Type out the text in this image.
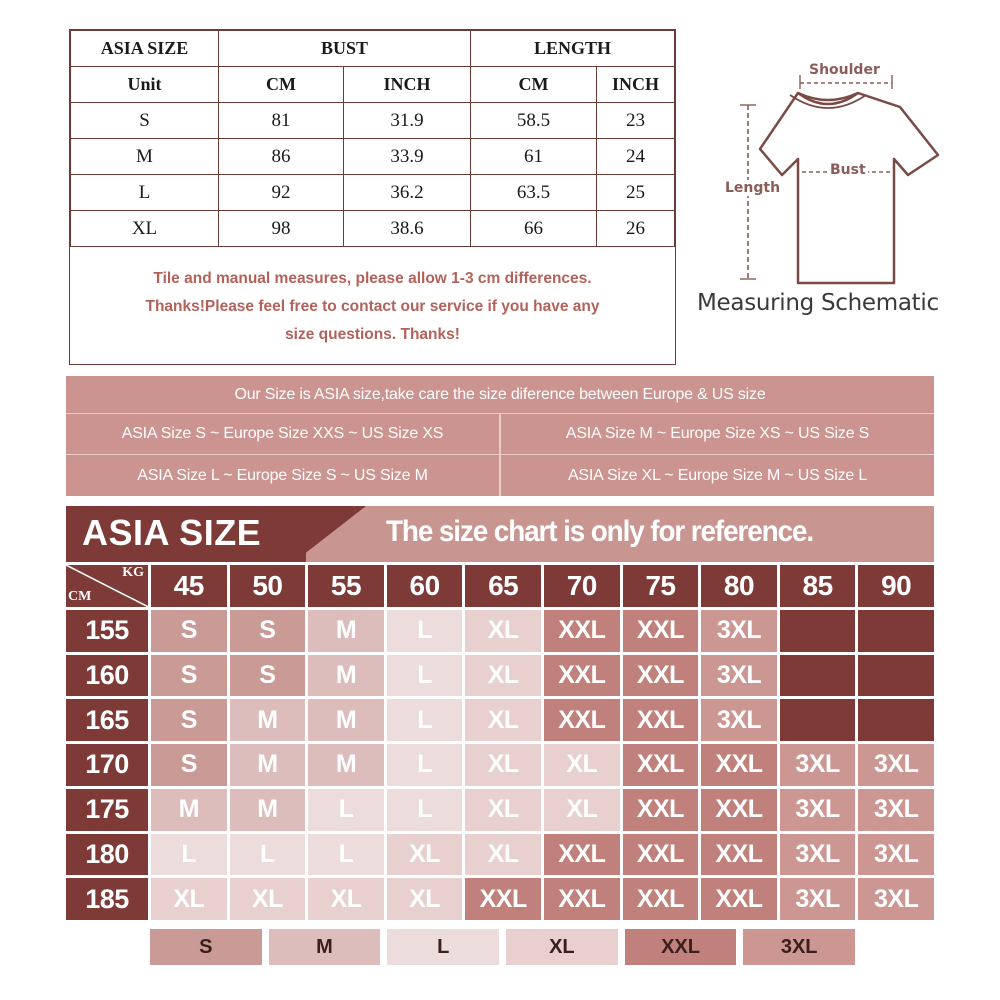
ASIA SIZE	BUST		LENGTH	
Unit	CM	INCH	CM	INCH
S	81	31.9	58.5	23
M	86	33.9	61	24
L	92	36.2	63.5	25
XL	98	38.6	66	26
Tile and manual measures, please allow 1-3 cm differences.
Thanks!Please feel free to contact our service if you have any
size questions. Thanks!
Shoulder
Bust
Length
Measuring Schematic
Our Size is ASIA size,take care the size diference between Europe & US size
ASIA Size S ~ Europe Size XXS ~ US Size XS	ASIA Size M ~ Europe Size XS ~ US Size S
ASIA Size L ~ Europe Size S ~ US Size M	ASIA Size XL ~ Europe Size M ~ US Size L
ASIA SIZE	The size chart is only for reference.
KG
CM	45	50	55	60	65	70	75	80	85	90
155	S	S	M	L	XL	XXL	XXL	3XL
160	S	S	M	L	XL	XXL	XXL	3XL
165	S	M	M	L	XL	XXL	XXL	3XL
170	S	M	M	L	XL	XL	XXL	XXL	3XL	3XL
175	M	M	L	L	XL	XL	XXL	XXL	3XL	3XL
180	L	L	L	XL	XL	XXL	XXL	XXL	3XL	3XL
185	XL	XL	XL	XL	XXL	XXL	XXL	XXL	3XL	3XL
S	M	L	XL	XXL	3XL
